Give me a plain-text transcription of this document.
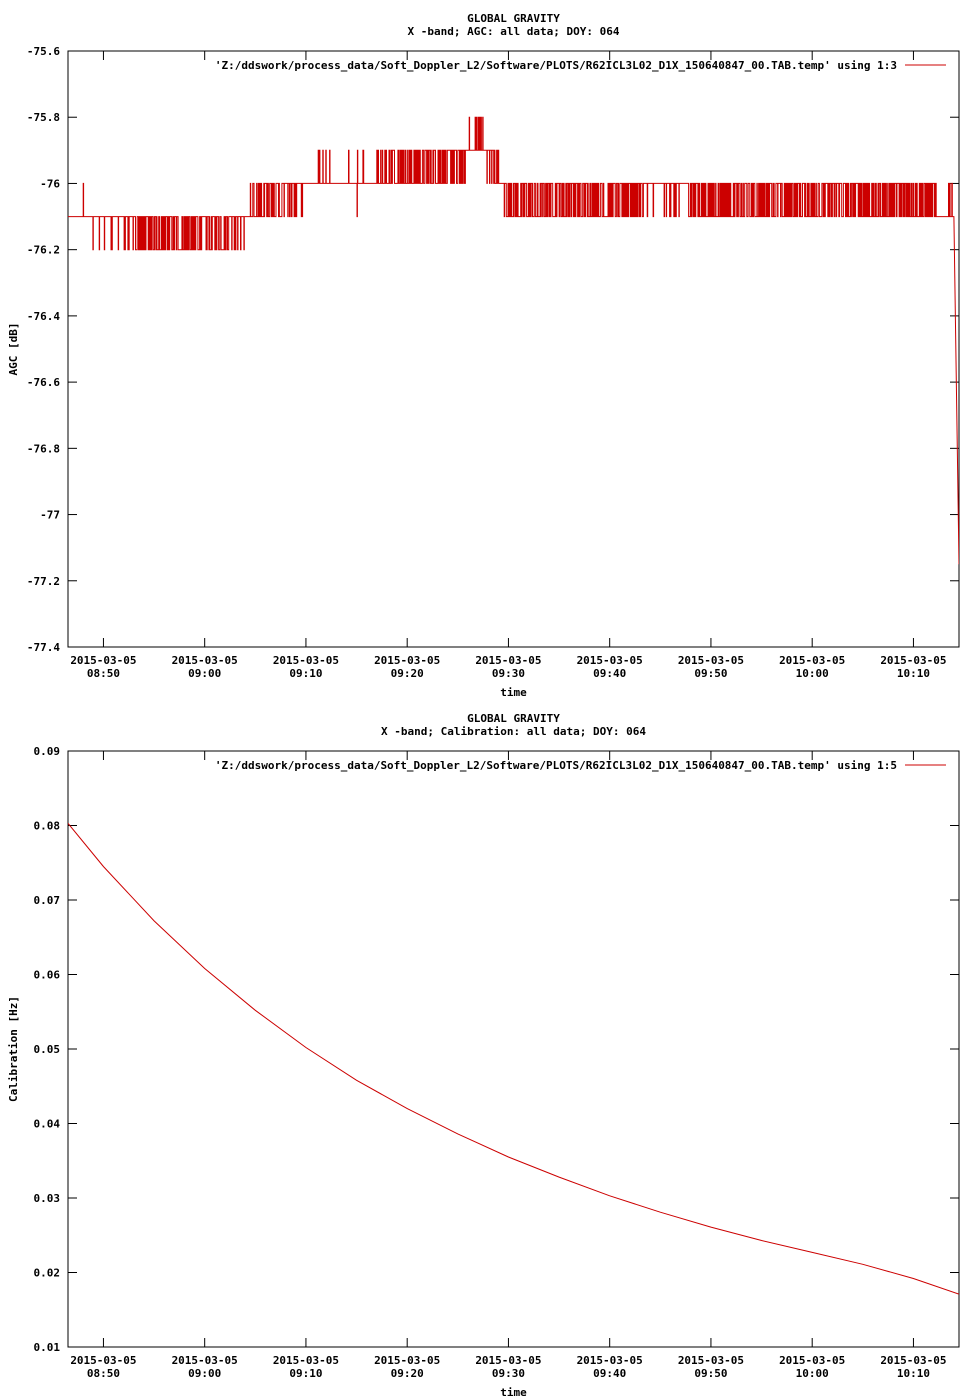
GLOBAL GRAVITY
X -band; AGC: all data; DOY: 064
-75.6
-75.8
-76
-76.2
-76.4
-76.6
-76.8
-77
-77.2
-77.4
2015-03-05
08:50
2015-03-05
09:00
2015-03-05
09:10
2015-03-05
09:20
2015-03-05
09:30
2015-03-05
09:40
2015-03-05
09:50
2015-03-05
10:00
2015-03-05
10:10
time
AGC [dB]
'Z:/ddswork/process_data/Soft_Doppler_L2/Software/PLOTS/R62ICL3L02_D1X_150640847_00.TAB.temp' using 1:3
GLOBAL GRAVITY
X -band; Calibration: all data; DOY: 064
0.01
0.02
0.03
0.04
0.05
0.06
0.07
0.08
0.09
2015-03-05
08:50
2015-03-05
09:00
2015-03-05
09:10
2015-03-05
09:20
2015-03-05
09:30
2015-03-05
09:40
2015-03-05
09:50
2015-03-05
10:00
2015-03-05
10:10
time
Calibration [Hz]
'Z:/ddswork/process_data/Soft_Doppler_L2/Software/PLOTS/R62ICL3L02_D1X_150640847_00.TAB.temp' using 1:5
